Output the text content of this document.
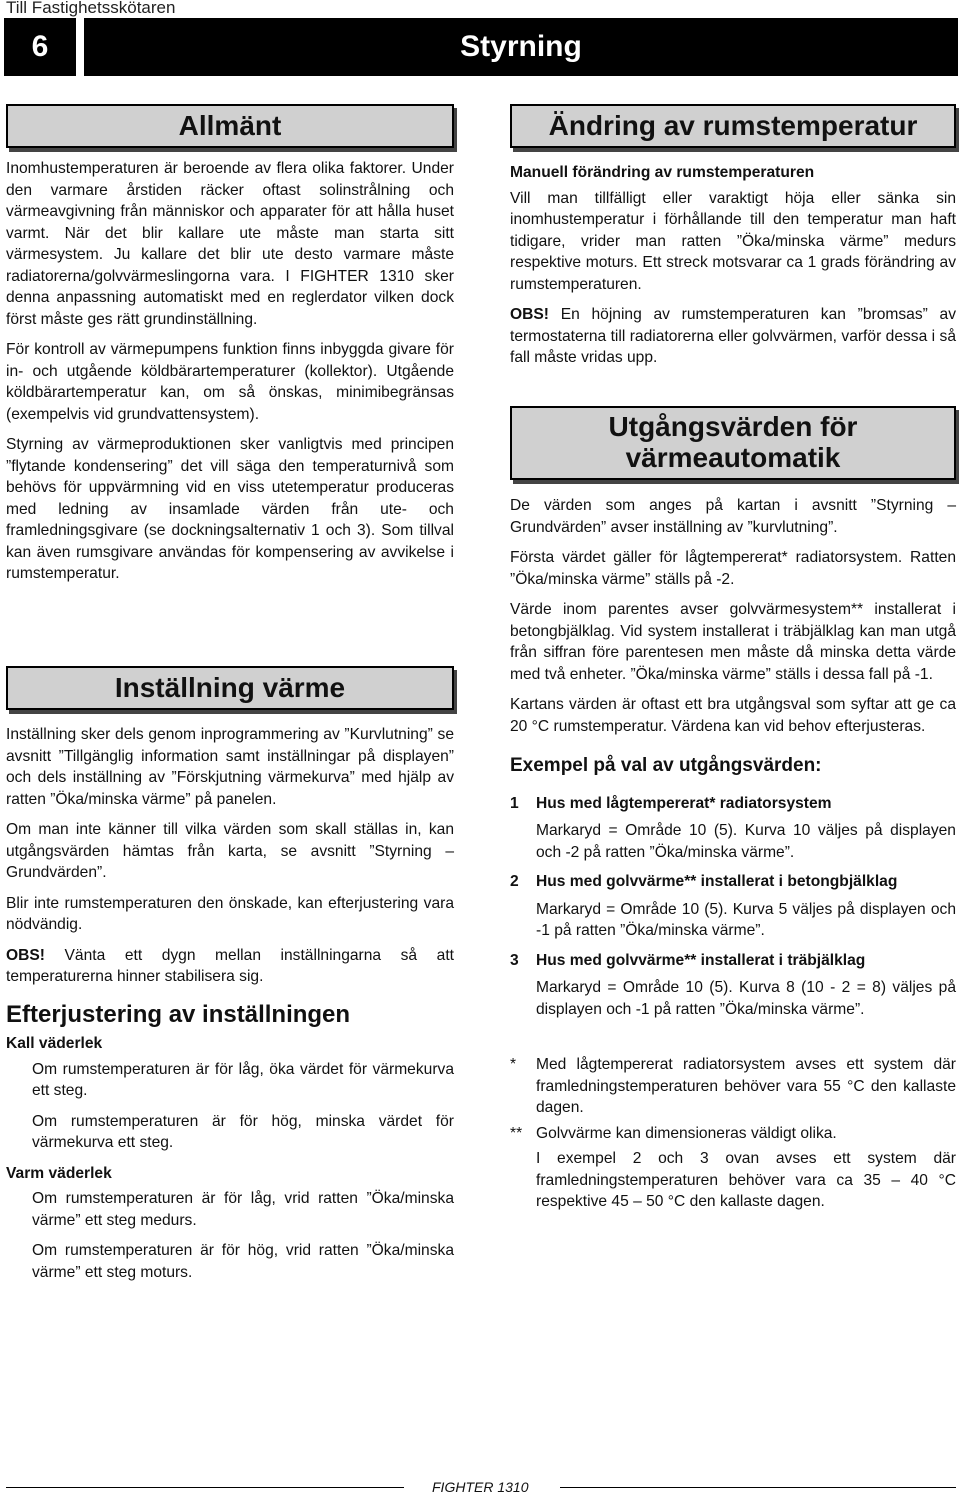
Till Fastighetsskötaren
6	Styrning
Allmänt

Inomhustemperaturen är beroende av flera olika faktorer. Under den varmare årstiden räcker oftast solinstrålning och värmeavgivning från människor och apparater för att hålla huset varmt. När det blir kallare ute måste man starta sitt värmesystem. Ju kallare det blir ute desto varmare måste radiatorerna/golvvärmeslingorna vara. I FIGHTER 1310 sker denna anpassning automatiskt med en reglerdator vilken dock först måste ges rätt grundinställning.

För kontroll av värmepumpens funktion finns inbyggda givare för in- och utgående köldbärartemperaturer (kollektor). Utgående köldbärartemperatur kan, om så önskas, minimibegränsas (exempelvis vid grundvattensystem).

Styrning av värmeproduktionen sker vanligtvis med principen ”flytande kondensering” det vill säga den temperaturnivå som behövs för uppvärmning vid en viss utetemperatur produceras med ledning av insamlade värden från ute- och framledningsgivare (se dockningsalternativ 1 och 3). Som tillval kan även rumsgivare användas för kompensering av avvikelse i rumstemperatur.

Inställning värme

Inställning sker dels genom inprogrammering av ”Kurvlutning” se avsnitt ”Tillgänglig information samt inställningar på displayen” och dels inställning av ”Förskjutning värmekurva” med hjälp av ratten ”Öka/minska värme” på panelen.

Om man inte känner till vilka värden som skall ställas in, kan utgångsvärden hämtas från karta, se avsnitt ”Styrning – Grundvärden”.

Blir inte rumstemperaturen den önskade, kan efterjustering vara nödvändig.

OBS! Vänta ett dygn mellan inställningarna så att temperaturerna hinner stabilisera sig.

Efterjustering av inställningen

Kall väderlek

Om rumstemperaturen är för låg, öka värdet för värmekurva ett steg.

Om rumstemperaturen är för hög, minska värdet för värmekurva ett steg.

Varm väderlek

Om rumstemperaturen är för låg, vrid ratten ”Öka/minska värme” ett steg medurs.

Om rumstemperaturen är för hög, vrid ratten ”Öka/minska värme” ett steg moturs.

Ändring av rumstemperatur

Manuell förändring av rumstemperaturen

Vill man tillfälligt eller varaktigt höja eller sänka sin inomhustemperatur i förhållande till den temperatur man haft tidigare, vrider man ratten ”Öka/minska värme” medurs respektive moturs. Ett streck motsvarar ca 1 grads förändring av rumstemperaturen.

OBS! En höjning av rumstemperaturen kan ”bromsas” av termostaterna till radiatorerna eller golvvärmen, varför dessa i så fall måste vridas upp.

Utgångsvärden för
värmeautomatik

De värden som anges på kartan i avsnitt ”Styrning – Grundvärden” avser inställning av ”kurvlutning”.

Första värdet gäller för lågtempererat* radiatorsystem. Ratten ”Öka/minska värme” ställs på -2.

Värde inom parentes avser golvvärmesystem** installerat i betongbjälklag. Vid system installerat i träbjälklag kan man utgå från siffran före parentesen men måste då minska detta värde med två enheter. ”Öka/minska värme” ställs i dessa fall på -1.

Kartans värden är oftast ett bra utgångsval som syftar att ge ca 20 °C rumstemperatur. Värdena kan vid behov efterjusteras.

Exempel på val av utgångsvärden:
1	Hus med lågtempererat* radiatorsystem
Markaryd = Område 10 (5). Kurva 10 väljes på displayen och -2 på ratten ”Öka/minska värme”.
2	Hus med golvvärme** installerat i betongbjälklag
Markaryd = Område 10 (5). Kurva 5 väljes på displayen och -1 på ratten ”Öka/minska värme”.
3	Hus med golvvärme** installerat i träbjälklag
Markaryd = Område 10 (5). Kurva 8 (10 - 2 = 8) väljes på displayen och -1 på ratten ”Öka/minska värme”.
*	Med lågtempererat radiatorsystem avses ett system där framledningstemperaturen behöver vara 55 °C den kallaste dagen.
** Golvvärme kan dimensioneras väldigt olika.
I exempel 2 och 3 ovan avses ett system där framledningstemperaturen behöver vara ca 35 – 40 °C respektive 45 – 50 °C den kallaste dagen.
FIGHTER 1310
